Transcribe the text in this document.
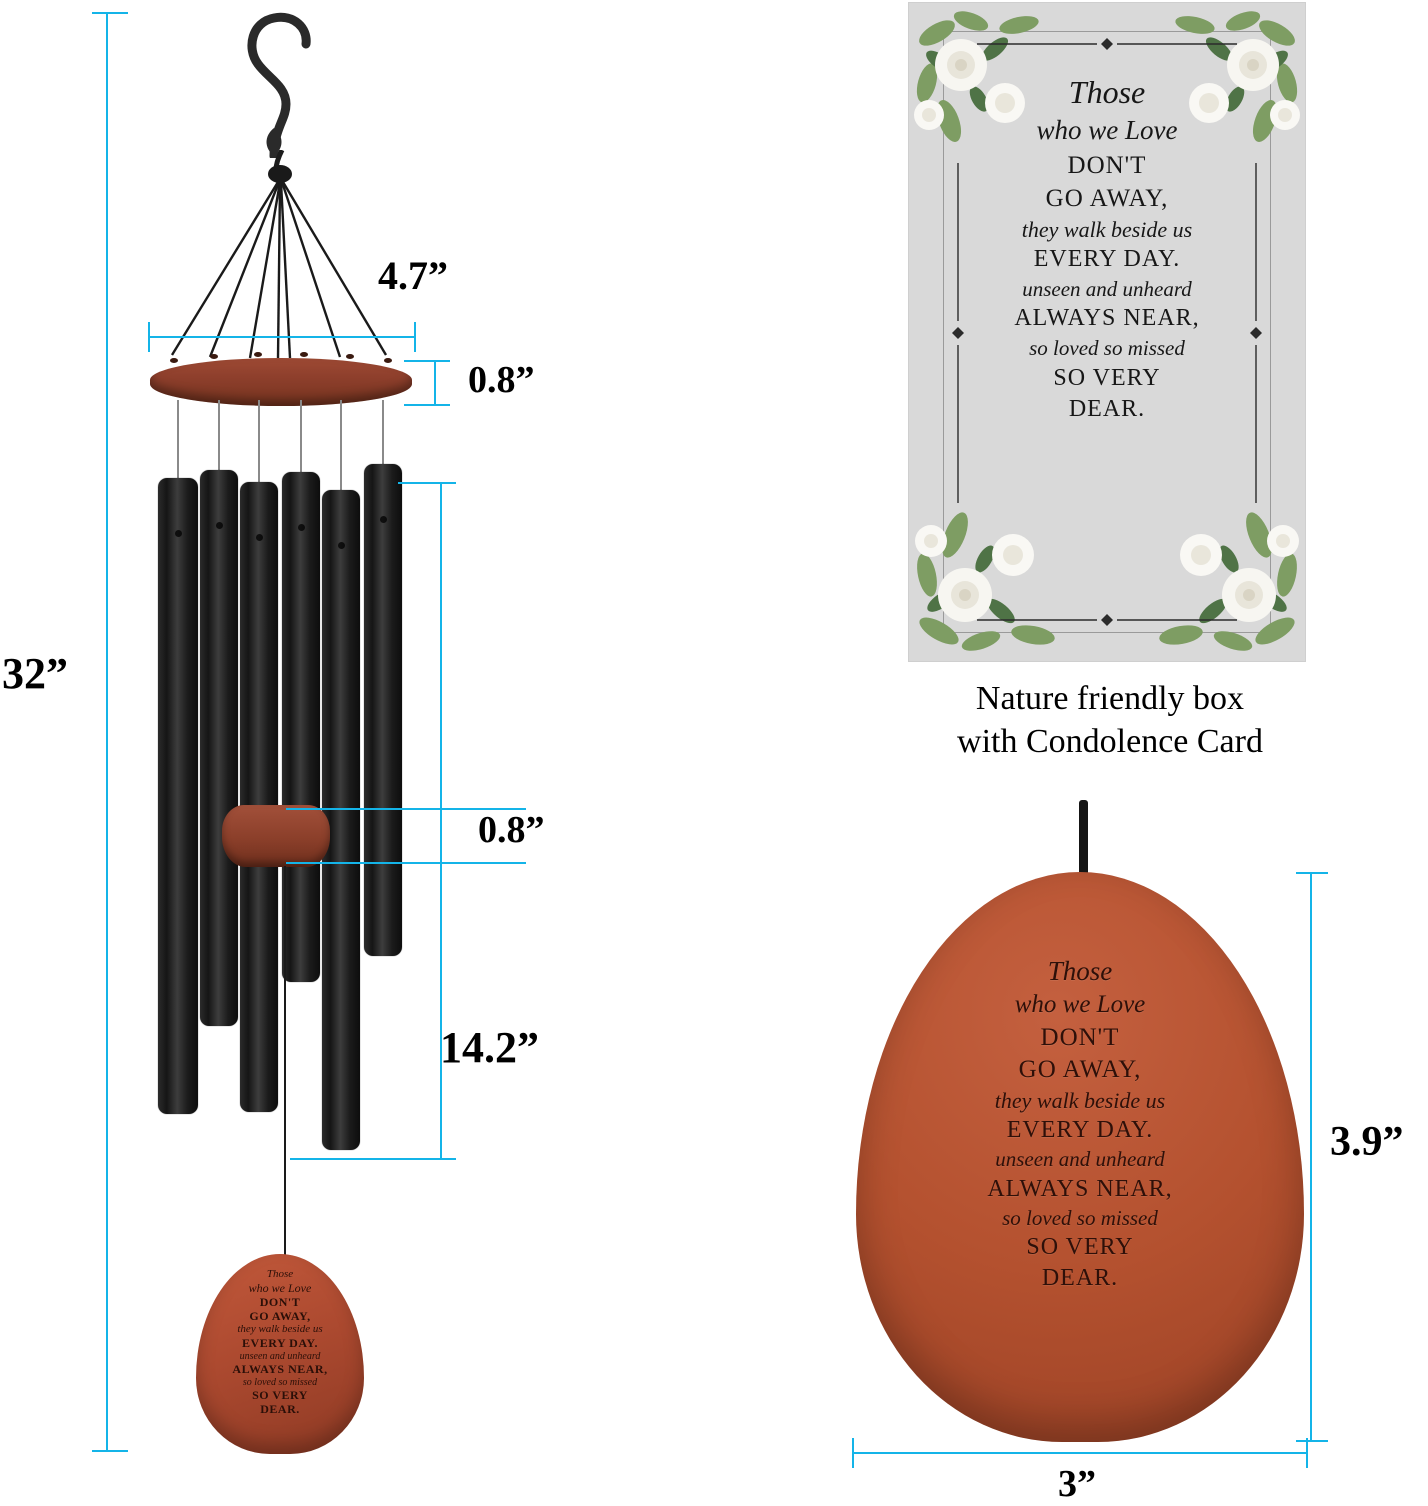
Those
who we Love
DON'T
GO AWAY,
they walk beside us
EVERY DAY.
unseen and unheard
ALWAYS NEAR,
so loved so missed
SO VERY
DEAR.
32”
4.7”
0.8”
0.8”
14.2”
Those
who we Love
DON'T
GO AWAY,
they walk beside us
EVERY DAY.
unseen and unheard
ALWAYS NEAR,
so loved so missed
SO VERY
DEAR.
Nature friendly box
with Condolence Card
Those
who we Love
DON'T
GO AWAY,
they walk beside us
EVERY DAY.
unseen and unheard
ALWAYS NEAR,
so loved so missed
SO VERY
DEAR.
3.9”
3”
